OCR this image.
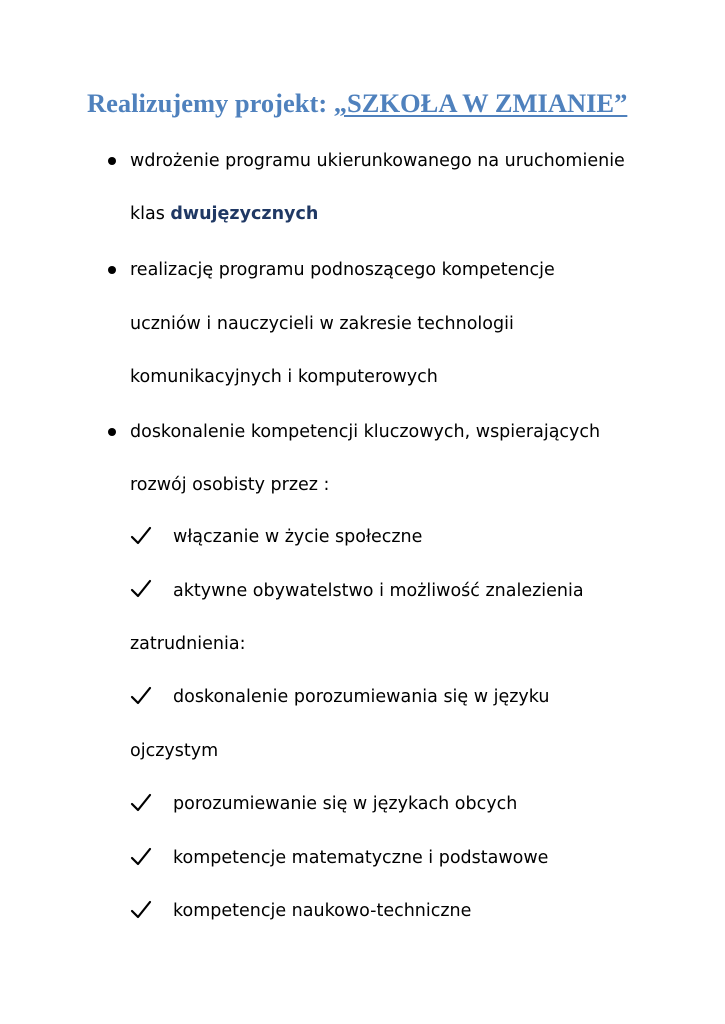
Realizujemy projekt: „SZKOŁA W ZMIANIE”
wdrożenie programu ukierunkowanego na uruchomienie
klas dwujęzycznych
realizację programu podnoszącego kompetencje
uczniów i nauczycieli w zakresie technologii
komunikacyjnych i komputerowych
doskonalenie kompetencji kluczowych, wspierających
rozwój osobisty przez :
włączanie w życie społeczne
aktywne obywatelstwo i możliwość znalezienia
zatrudnienia:
doskonalenie porozumiewania się w języku
ojczystym
porozumiewanie się w językach obcych
kompetencje matematyczne i podstawowe
kompetencje naukowo-techniczne
